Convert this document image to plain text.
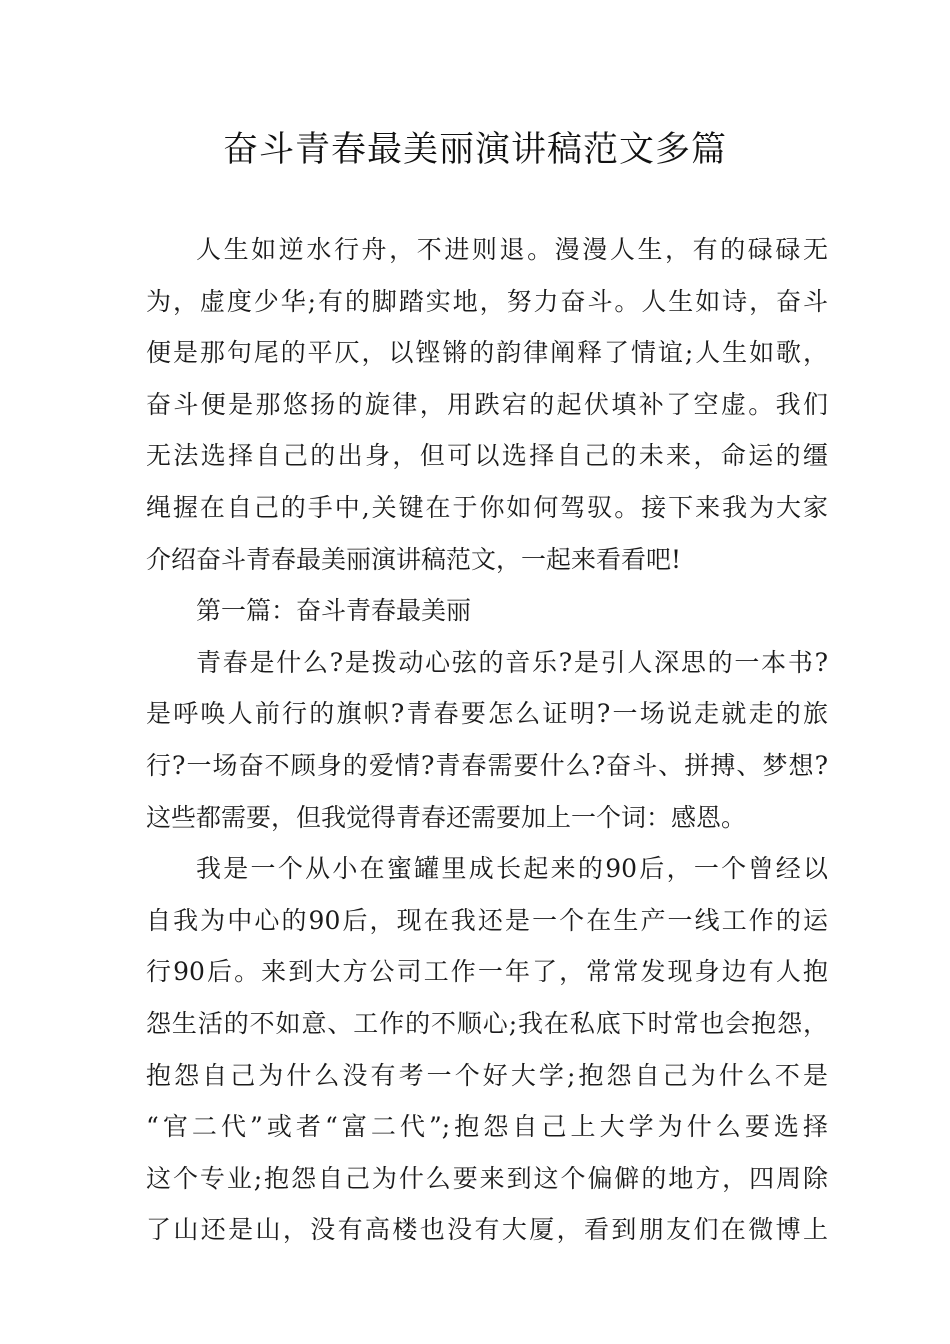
奋斗青春最美丽演讲稿范文多篇

人生如逆水行舟，不进则退。漫漫人生，有的碌碌无
为，虚度少华;有的脚踏实地，努力奋斗。人生如诗，奋斗
便是那句尾的平仄，以铿锵的韵律阐释了情谊;人生如歌，
奋斗便是那悠扬的旋律，用跌宕的起伏填补了空虚。我们
无法选择自己的出身，但可以选择自己的未来，命运的缰
绳握在自己的手中,关键在于你如何驾驭。接下来我为大家
介绍奋斗青春最美丽演讲稿范文，一起来看看吧!

第一篇：奋斗青春最美丽

青春是什么?是拨动心弦的音乐?是引人深思的一本书?
是呼唤人前行的旗帜?青春要怎么证明?一场说走就走的旅
行?一场奋不顾身的爱情?青春需要什么?奋斗、拼搏、梦想?
这些都需要，但我觉得青春还需要加上一个词：感恩。

我是一个从小在蜜罐里成长起来的90后，一个曾经以
自我为中心的90后，现在我还是一个在生产一线工作的运
行90后。来到大方公司工作一年了，常常发现身边有人抱
怨生活的不如意、工作的不顺心;我在私底下时常也会抱怨，
抱怨自己为什么没有考一个好大学;抱怨自己为什么不是
“官二代”或者“富二代”;抱怨自己上大学为什么要选择
这个专业;抱怨自己为什么要来到这个偏僻的地方，四周除
了山还是山，没有高楼也没有大厦，看到朋友们在微博上
